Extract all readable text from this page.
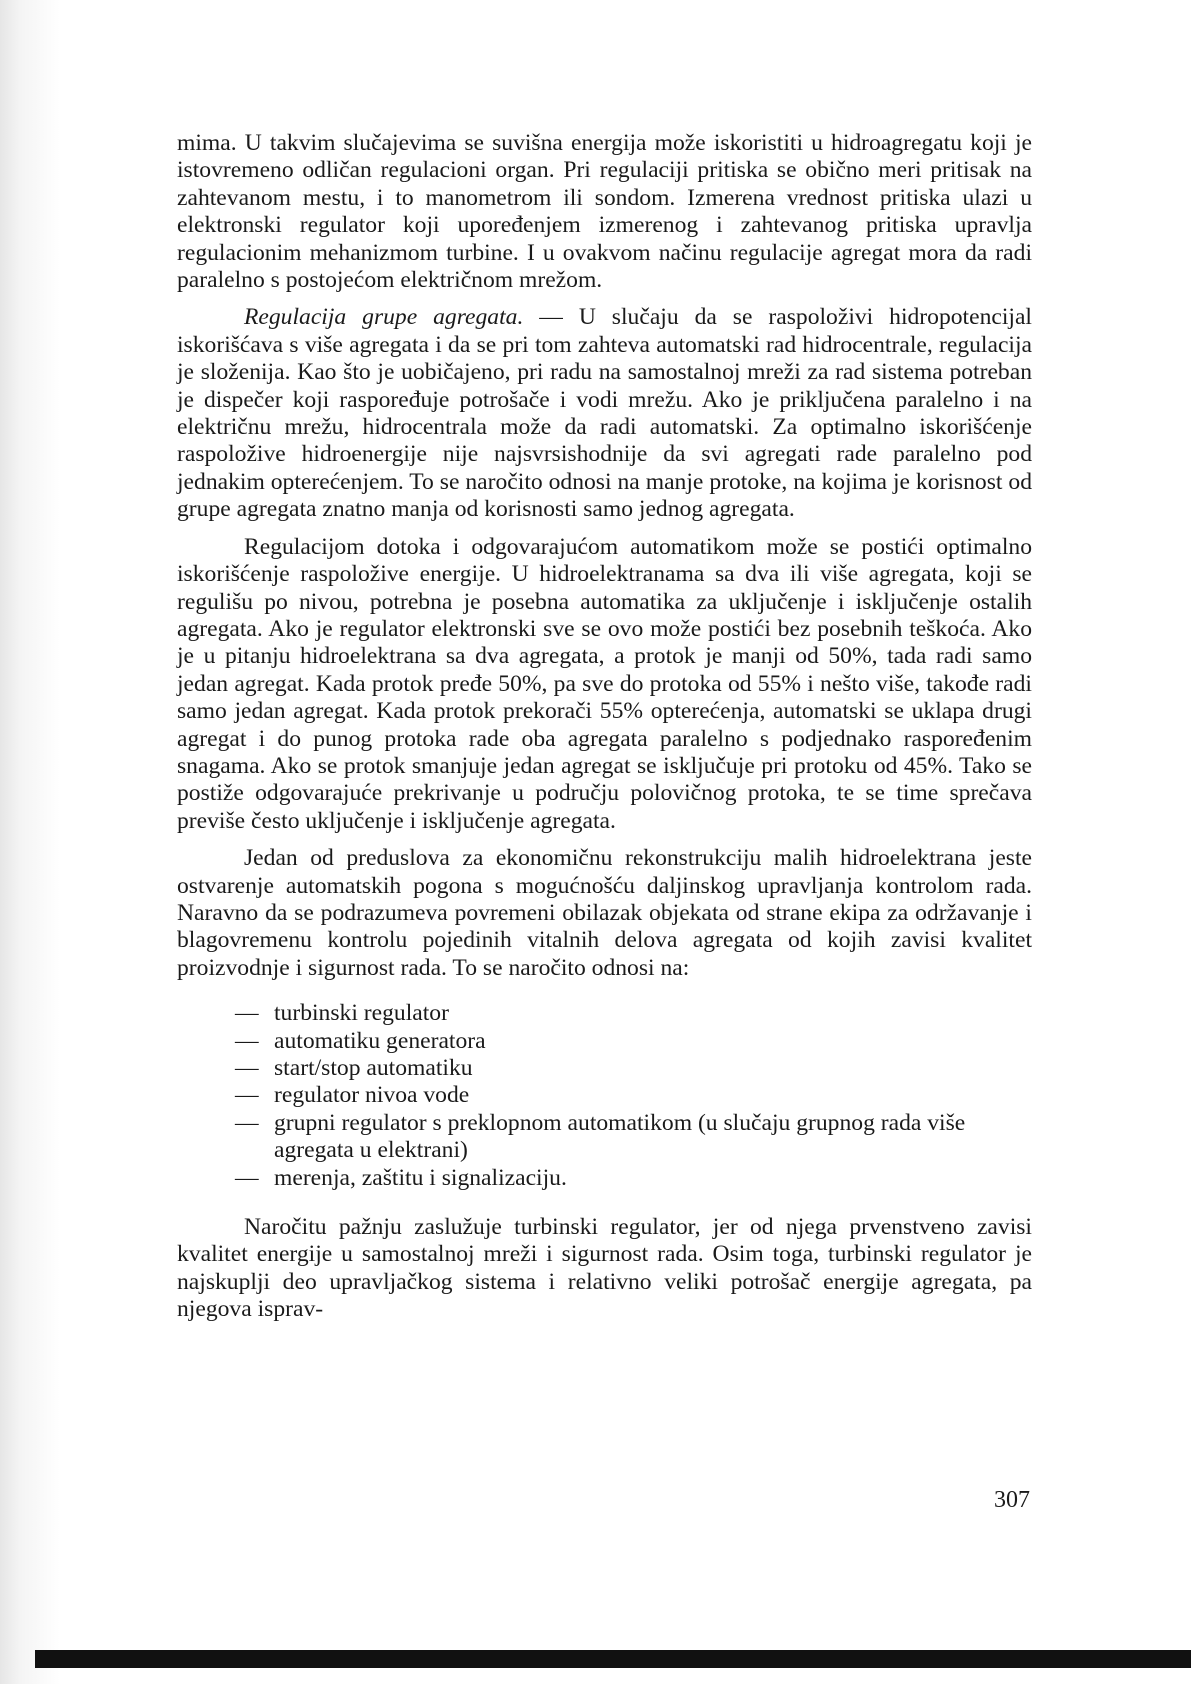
mima. U takvim slučajevima se suvišna energija može iskoristiti u hidroagregatu koji je istovremeno odličan regulacioni organ. Pri regulaciji pritiska se obično meri pritisak na zahtevanom mestu, i to manometrom ili sondom. Izmerena vrednost pritiska ulazi u elektronski regulator koji upoređenjem izmerenog i zahtevanog pritiska upravlja regulacionim mehanizmom turbine. I u ovakvom načinu regulacije agregat mora da radi paralelno s postojećom električnom mrežom.

Regulacija grupe agregata. — U slučaju da se raspoloživi hidropotencijal iskorišćava s više agregata i da se pri tom zahteva automatski rad hidrocentrale, regulacija je složenija. Kao što je uobičajeno, pri radu na samostalnoj mreži za rad sistema potreban je dispečer koji raspoređuje potrošače i vodi mrežu. Ako je priključena paralelno i na električnu mrežu, hidrocentrala može da radi automatski. Za optimalno iskorišćenje raspoložive hidroenergije nije najsvrsishodnije da svi agregati rade paralelno pod jednakim opterećenjem. To se naročito odnosi na manje protoke, na kojima je korisnost od grupe agregata znatno manja od korisnosti samo jednog agregata.

Regulacijom dotoka i odgovarajućom automatikom može se postići optimalno iskorišćenje raspoložive energije. U hidroelektranama sa dva ili više agregata, koji se regulišu po nivou, potrebna je posebna automatika za uključenje i isključenje ostalih agregata. Ako je regulator elektronski sve se ovo može postići bez posebnih teškoća. Ako je u pitanju hidroelektrana sa dva agregata, a protok je manji od 50%, tada radi samo jedan agregat. Kada protok pređe 50%, pa sve do protoka od 55% i nešto više, takođe radi samo jedan agregat. Kada protok prekorači 55% opterećenja, automatski se uklapa drugi agregat i do punog protoka rade oba agregata paralelno s podjednako raspoređenim snagama. Ako se protok smanjuje jedan agregat se isključuje pri protoku od 45%. Tako se postiže odgovarajuće prekrivanje u području polovičnog protoka, te se time sprečava previše često uključenje i isključenje agregata.

Jedan od preduslova za ekonomičnu rekonstrukciju malih hidroelektrana jeste ostvarenje automatskih pogona s mogućnošću daljinskog upravljanja kontrolom rada. Naravno da se podrazumeva povremeni obilazak objekata od strane ekipa za održavanje i blagovremenu kontrolu pojedinih vitalnih delova agregata od kojih zavisi kvalitet proizvodnje i sigurnost rada. To se naročito odnosi na:

— turbinski regulator
— automatiku generatora
— start/stop automatiku
— regulator nivoa vode
— grupni regulator s preklopnom automatikom (u slučaju grupnog rada više agregata u elektrani)
— merenja, zaštitu i signalizaciju.

Naročitu pažnju zaslužuje turbinski regulator, jer od njega prvenstveno zavisi kvalitet energije u samostalnoj mreži i sigurnost rada. Osim toga, turbinski regulator je najskuplji deo upravljačkog sistema i relativno veliki potrošač energije agregata, pa njegova isprav-

307
